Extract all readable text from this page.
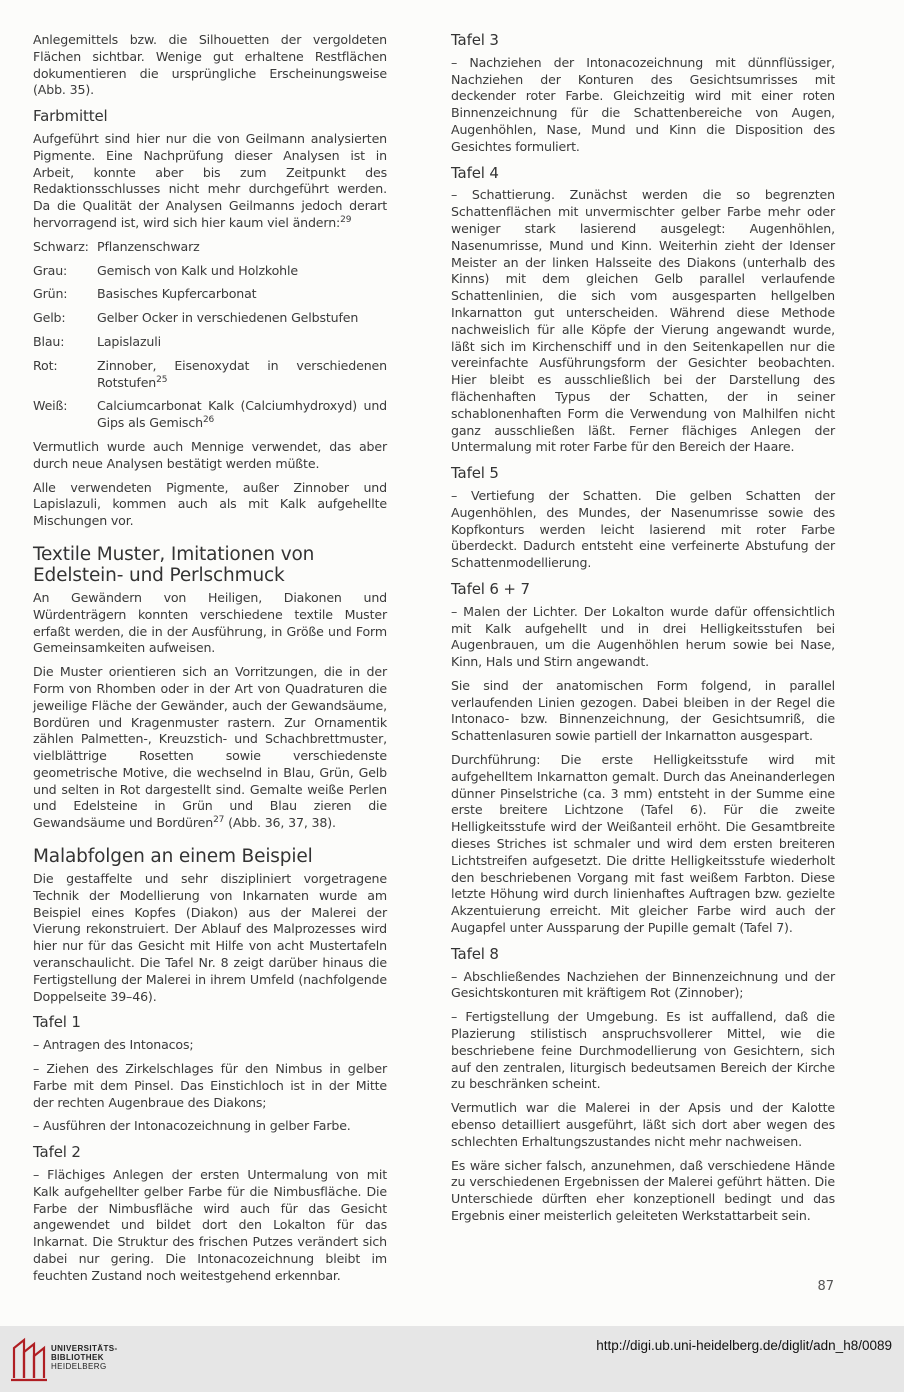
Anlegemittels bzw. die Silhouetten der vergoldeten Flächen sichtbar. Wenige gut erhaltene Restflächen dokumentieren die ursprüngliche Erscheinungsweise (Abb. 35).

Farbmittel

Aufgeführt sind hier nur die von Geilmann analysierten Pigmente. Eine Nachprüfung dieser Analysen ist in Arbeit, konnte aber bis zum Zeitpunkt des Redaktionsschlusses nicht mehr durchgeführt werden. Da die Qualität der Analysen Geilmanns jedoch derart hervorragend ist, wird sich hier kaum viel ändern:$^{29}$

Schwarz: Pflanzenschwarz
Grau:	Gemisch von Kalk und Holzkohle
Grün:	Basisches Kupfercarbonat
Gelb:	Gelber Ocker in verschiedenen Gelbstufen
Blau:	Lapislazuli
Rot:	Zinnober, Eisenoxydat in verschiedenen Rotstufen$^{25}$
Weiß:	Calciumcarbonat Kalk (Calciumhydroxyd) und Gips als Gemisch$^{26}$

Vermutlich wurde auch Mennige verwendet, das aber durch neue Analysen bestätigt werden müßte.

Alle verwendeten Pigmente, außer Zinnober und Lapislazuli, kommen auch als mit Kalk aufgehellte Mischungen vor.

Textile Muster, Imitationen von Edelstein- und Perlschmuck

An Gewändern von Heiligen, Diakonen und Würdenträgern konnten verschiedene textile Muster erfaßt werden, die in der Ausführung, in Größe und Form Gemeinsamkeiten aufweisen.

Die Muster orientieren sich an Vorritzungen, die in der Form von Rhomben oder in der Art von Quadraturen die jeweilige Fläche der Gewänder, auch der Gewandsäume, Bordüren und Kragenmuster rastern. Zur Ornamentik zählen Palmetten-, Kreuzstich- und Schachbrettmuster, vielblättrige Rosetten sowie verschiedenste geometrische Motive, die wechselnd in Blau, Grün, Gelb und selten in Rot dargestellt sind. Gemalte weiße Perlen und Edelsteine in Grün und Blau zieren die Gewandsäume und Bordüren$^{27}$ (Abb. 36, 37, 38).

Malabfolgen an einem Beispiel

Die gestaffelte und sehr diszipliniert vorgetragene Technik der Modellierung von Inkarnaten wurde am Beispiel eines Kopfes (Diakon) aus der Malerei der Vierung rekonstruiert. Der Ablauf des Malprozesses wird hier nur für das Gesicht mit Hilfe von acht Mustertafeln veranschaulicht. Die Tafel Nr. 8 zeigt darüber hinaus die Fertigstellung der Malerei in ihrem Umfeld (nachfolgende Doppelseite 39–46).

Tafel 1

– Antragen des Intonacos;

– Ziehen des Zirkelschlages für den Nimbus in gelber Farbe mit dem Pinsel. Das Einstichloch ist in der Mitte der rechten Augenbraue des Diakons;

– Ausführen der Intonacozeichnung in gelber Farbe.

Tafel 2

– Flächiges Anlegen der ersten Untermalung von mit Kalk aufgehellter gelber Farbe für die Nimbusfläche. Die Farbe der Nimbusfläche wird auch für das Gesicht angewendet und bildet dort den Lokalton für das Inkarnat. Die Struktur des frischen Putzes verändert sich dabei nur gering. Die Intonacozeichnung bleibt im feuchten Zustand noch weitestgehend erkennbar.

Tafel 3

– Nachziehen der Intonacozeichnung mit dünnflüssiger, Nachziehen der Konturen des Gesichtsumrisses mit deckender roter Farbe. Gleichzeitig wird mit einer roten Binnenzeichnung für die Schattenbereiche von Augen, Augenhöhlen, Nase, Mund und Kinn die Disposition des Gesichtes formuliert.

Tafel 4

– Schattierung. Zunächst werden die so begrenzten Schattenflächen mit unvermischter gelber Farbe mehr oder weniger stark lasierend ausgelegt: Augenhöhlen, Nasenumrisse, Mund und Kinn. Weiterhin zieht der Idenser Meister an der linken Halsseite des Diakons (unterhalb des Kinns) mit dem gleichen Gelb parallel verlaufende Schattenlinien, die sich vom ausgesparten hellgelben Inkarnatton gut unterscheiden. Während diese Methode nachweislich für alle Köpfe der Vierung angewandt wurde, läßt sich im Kirchenschiff und in den Seitenkapellen nur die vereinfachte Ausführungsform der Gesichter beobachten. Hier bleibt es ausschließlich bei der Darstellung des flächenhaften Typus der Schatten, der in seiner schablonenhaften Form die Verwendung von Malhilfen nicht ganz ausschließen läßt. Ferner flächiges Anlegen der Untermalung mit roter Farbe für den Bereich der Haare.

Tafel 5

– Vertiefung der Schatten. Die gelben Schatten der Augenhöhlen, des Mundes, der Nasenumrisse sowie des Kopfkonturs werden leicht lasierend mit roter Farbe überdeckt. Dadurch entsteht eine verfeinerte Abstufung der Schattenmodellierung.

Tafel 6 + 7

– Malen der Lichter. Der Lokalton wurde dafür offensichtlich mit Kalk aufgehellt und in drei Helligkeitsstufen bei Augenbrauen, um die Augenhöhlen herum sowie bei Nase, Kinn, Hals und Stirn angewandt.

Sie sind der anatomischen Form folgend, in parallel verlaufenden Linien gezogen. Dabei bleiben in der Regel die Intonaco- bzw. Binnenzeichnung, der Gesichtsumriß, die Schattenlasuren sowie partiell der Inkarnatton ausgespart.

Durchführung: Die erste Helligkeitsstufe wird mit aufgehelltem Inkarnatton gemalt. Durch das Aneinanderlegen dünner Pinselstriche (ca. 3 mm) entsteht in der Summe eine erste breitere Lichtzone (Tafel 6). Für die zweite Helligkeitsstufe wird der Weißanteil erhöht. Die Gesamtbreite dieses Striches ist schmaler und wird dem ersten breiteren Lichtstreifen aufgesetzt. Die dritte Helligkeitsstufe wiederholt den beschriebenen Vorgang mit fast weißem Farbton. Diese letzte Höhung wird durch linienhaftes Auftragen bzw. gezielte Akzentuierung erreicht. Mit gleicher Farbe wird auch der Augapfel unter Aussparung der Pupille gemalt (Tafel 7).

Tafel 8

– Abschließendes Nachziehen der Binnenzeichnung und der Gesichtskonturen mit kräftigem Rot (Zinnober);

– Fertigstellung der Umgebung. Es ist auffallend, daß die Plazierung stilistisch anspruchsvollerer Mittel, wie die beschriebene feine Durchmodellierung von Gesichtern, sich auf den zentralen, liturgisch bedeutsamen Bereich der Kirche zu beschränken scheint.

Vermutlich war die Malerei in der Apsis und der Kalotte ebenso detailliert ausgeführt, läßt sich dort aber wegen des schlechten Erhaltungszustandes nicht mehr nachweisen.

Es wäre sicher falsch, anzunehmen, daß verschiedene Hände zu verschiedenen Ergebnissen der Malerei geführt hätten. Die Unterschiede dürften eher konzeptionell bedingt und das Ergebnis einer meisterlich geleiteten Werkstattarbeit sein.

87
UNIVERSITÄTS-
BIBLIOTHEK
HEIDELBERG
http://digi.ub.uni-heidelberg.de/diglit/adn_h8/0089
